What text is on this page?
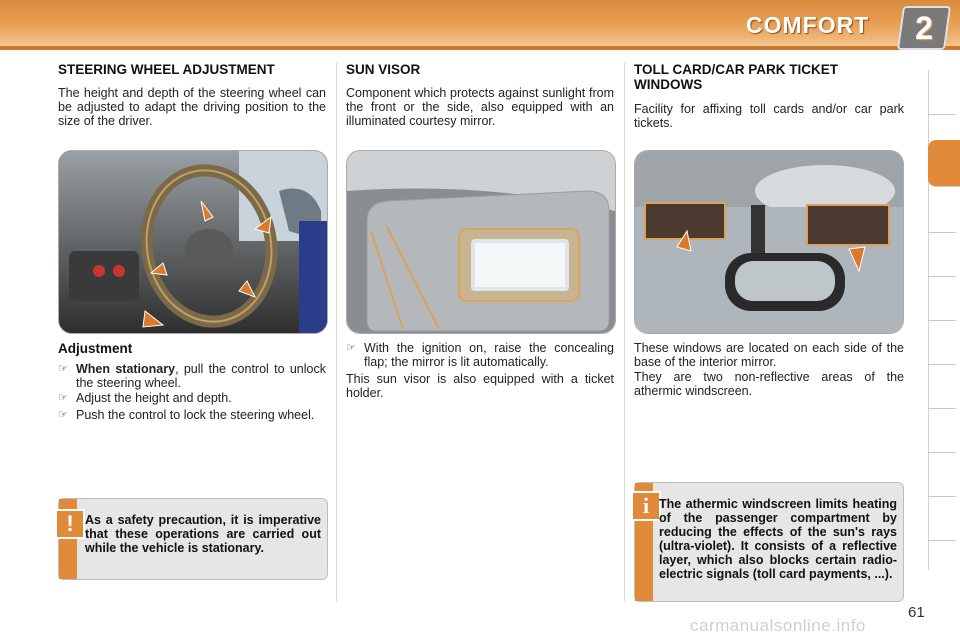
COMFORT	2
STEERING WHEEL ADJUSTMENT
The height and depth of the steering wheel can be adjusted to adapt the driving position to the size of the driver.
Adjustment
☞ When stationary, pull the control to unlock the steering wheel.
☞ Adjust the height and depth.
☞ Push the control to lock the steering wheel.
! As a safety precaution, it is imperative that these operations are carried out while the vehicle is stationary.
SUN VISOR
Component which protects against sunlight from the front or the side, also equipped with an illuminated courtesy mirror.
☞ With the ignition on, raise the concealing flap; the mirror is lit automatically.
This sun visor is also equipped with a ticket holder.
TOLL CARD/CAR PARK TICKET WINDOWS
Facility for affixing toll cards and/or car park tickets.
These windows are located on each side of the base of the interior mirror.
They are two non-reflective areas of the athermic windscreen.
i The athermic windscreen limits heating of the passenger compartment by reducing the effects of the sun's rays (ultra-violet). It consists of a reflective layer, which also blocks certain radio-electric signals (toll card payments, ...).
61
carmanualsonline.info
